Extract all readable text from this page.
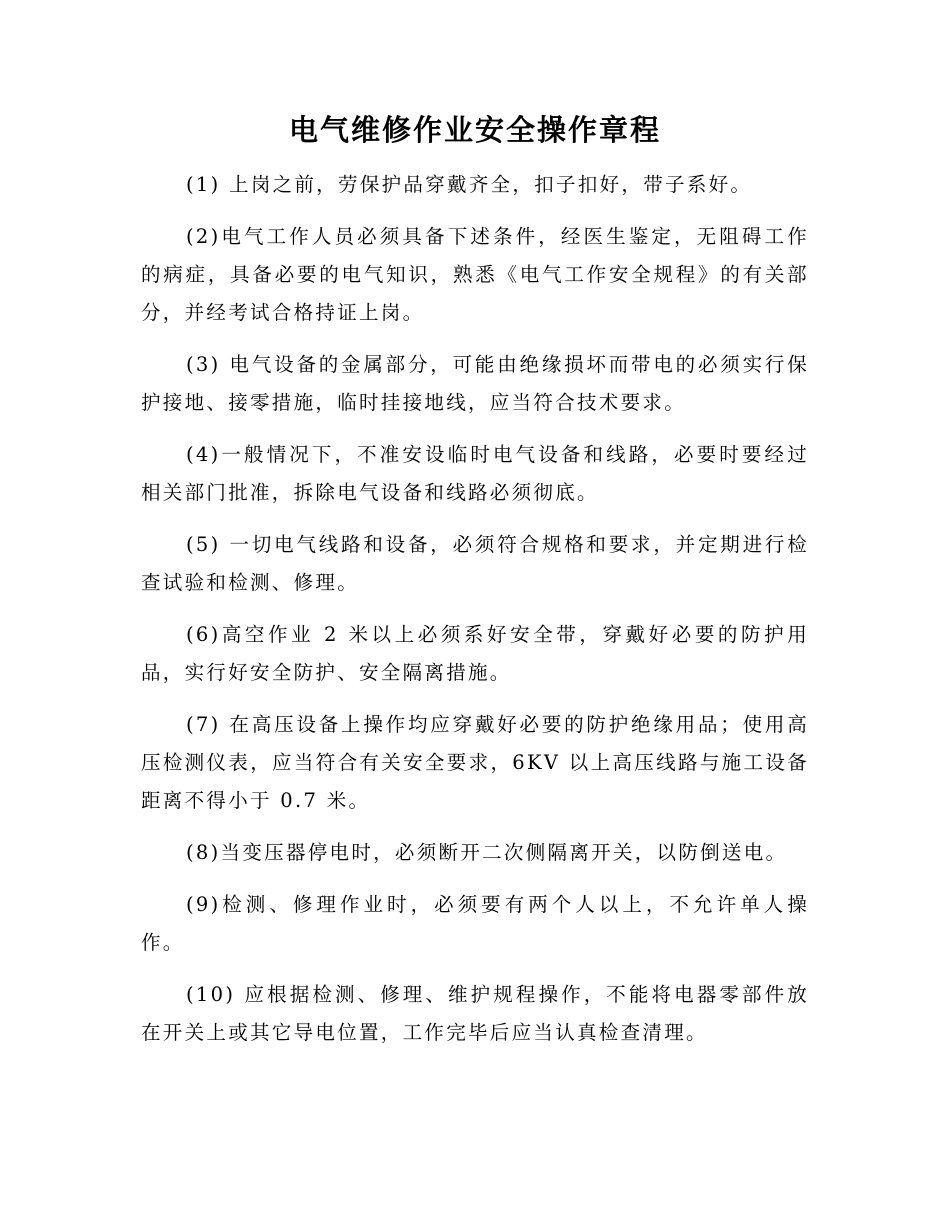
电气维修作业安全操作章程

(1) 上岗之前，劳保护品穿戴齐全，扣子扣好，带子系好。

(2)电气工作人员必须具备下述条件，经医生鉴定，无阻碍工作的病症，具备必要的电气知识，熟悉《电气工作安全规程》的有关部分，并经考试合格持证上岗。

(3) 电气设备的金属部分，可能由绝缘损坏而带电的必须实行保护接地、接零措施，临时挂接地线，应当符合技术要求。

(4)一般情况下，不准安设临时电气设备和线路，必要时要经过相关部门批准，拆除电气设备和线路必须彻底。

(5) 一切电气线路和设备，必须符合规格和要求，并定期进行检查试验和检测、修理。

(6)高空作业 2 米以上必须系好安全带，穿戴好必要的防护用品，实行好安全防护、安全隔离措施。

(7) 在高压设备上操作均应穿戴好必要的防护绝缘用品；使用高压检测仪表，应当符合有关安全要求，6KV 以上高压线路与施工设备距离不得小于 0.7 米。

(8)当变压器停电时，必须断开二次侧隔离开关，以防倒送电。

(9)检测、修理作业时，必须要有两个人以上，不允许单人操作。

(10) 应根据检测、修理、维护规程操作，不能将电器零部件放在开关上或其它导电位置，工作完毕后应当认真检查清理。
